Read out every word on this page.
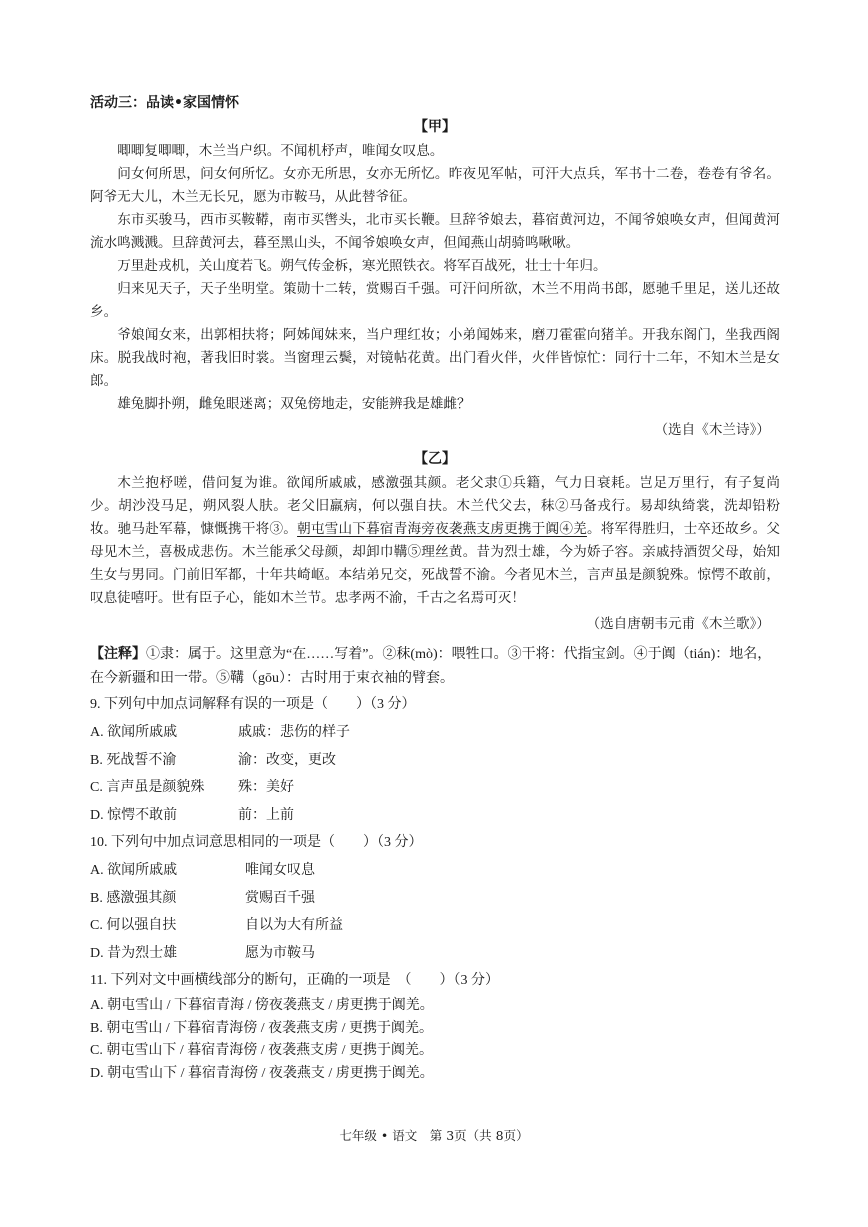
活动三：品读•家国情怀
【甲】

唧唧复唧唧，木兰当户织。不闻机杼声，唯闻女叹息。

问女何所思，问女何所忆。女亦无所思，女亦无所忆。昨夜见军帖，可汗大点兵，军书十二卷，卷卷有爷名。阿爷无大儿，木兰无长兄，愿为市鞍马，从此替爷征。

东市买骏马，西市买鞍鞯，南市买辔头，北市买长鞭。旦辞爷娘去，暮宿黄河边，不闻爷娘唤女声，但闻黄河流水鸣溅溅。旦辞黄河去，暮至黑山头，不闻爷娘唤女声，但闻燕山胡骑鸣啾啾。

万里赴戎机，关山度若飞。朔气传金柝，寒光照铁衣。将军百战死，壮士十年归。

归来见天子，天子坐明堂。策勋十二转，赏赐百千强。可汗问所欲，木兰不用尚书郎，愿驰千里足，送儿还故乡。

爷娘闻女来，出郭相扶将；阿姊闻妹来，当户理红妆；小弟闻姊来，磨刀霍霍向猪羊。开我东阁门，坐我西阁床。脱我战时袍，著我旧时裳。当窗理云鬓，对镜帖花黄。出门看火伴，火伴皆惊忙：同行十二年，不知木兰是女郎。

雄兔脚扑朔，雌兔眼迷离；双兔傍地走，安能辨我是雄雌？

（选自《木兰诗》）
【乙】

木兰抱杼嗟，借问复为谁。欲闻所戚戚，感激强其颜。老父隶①兵籍，气力日衰耗。岂足万里行，有子复尚少。胡沙没马足，朔风裂人肤。老父旧羸病，何以强自扶。木兰代父去，秣②马备戎行。易却纨绮裳，洗却铅粉妆。驰马赴军幕，慷慨携干将③。朝屯雪山下暮宿青海旁夜袭燕支虏更携于阗④羌。将军得胜归，士卒还故乡。父母见木兰，喜极成悲伤。木兰能承父母颜，却卸巾鞲⑤理丝黄。昔为烈士雄，今为娇子容。亲戚持酒贺父母，始知生女与男同。门前旧军都，十年共崎岖。本结弟兄交，死战誓不渝。今者见木兰，言声虽是颜貌殊。惊愕不敢前，叹息徒嘻吁。世有臣子心，能如木兰节。忠孝两不渝，千古之名焉可灭！

（选自唐朝韦元甫《木兰歌》）
【注释】①隶：属于。这里意为“在……写着”。②秣(mò)：喂牲口。③干将：代指宝剑。④于阗（tián)：地名，在今新疆和田一带。⑤鞲（gōu）：古时用于束衣袖的臂套。
9. 下列句中加点词解释有误的一项是（　　）（3 分）
A. 欲闻所戚戚	戚戚：悲伤的样子
B. 死战誓不渝	渝：改变，更改
C. 言声虽是颜貌殊	殊：美好
D. 惊愕不敢前	前：上前
10. 下列句中加点词意思相同的一项是（　　）（3 分）
A. 欲闻所戚戚	唯闻女叹息
B. 感激强其颜	赏赐百千强
C. 何以强自扶	自以为大有所益
D. 昔为烈士雄	愿为市鞍马
11. 下列对文中画横线部分的断句，正确的一项是　（　　）（3 分）
A. 朝屯雪山 / 下暮宿青海 / 傍夜袭燕支 / 虏更携于阗羌。
B. 朝屯雪山 / 下暮宿青海傍 / 夜袭燕支虏 / 更携于阗羌。
C. 朝屯雪山下 / 暮宿青海傍 / 夜袭燕支虏 / 更携于阗羌。
D. 朝屯雪山下 / 暮宿青海傍 / 夜袭燕支 / 虏更携于阗羌。
七年级 • 语文　第 3页（共 8页）
